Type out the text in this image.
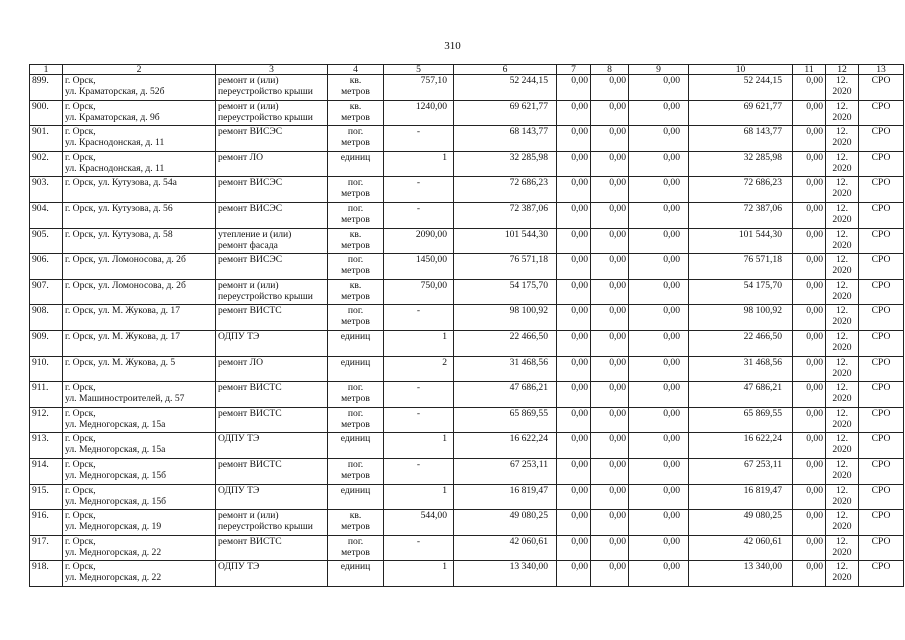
310
1	2	3	4	5	6	7	8	9	10	11	12	13
899.	г. Орск,
ул. Краматорская, д. 52б	ремонт и (или)
переустройство крыши	кв.
метров	757,10	52 244,15	0,00	0,00	0,00	52 244,15	0,00	12.
2020	СРО
900.	г. Орск,
ул. Краматорская, д. 9б	ремонт и (или)
переустройство крыши	кв.
метров	1240,00	69 621,77	0,00	0,00	0,00	69 621,77	0,00	12.
2020	СРО
901.	г. Орск,
ул. Краснодонская, д. 11	ремонт ВИСЭС	пог.
метров	-	68 143,77	0,00	0,00	0,00	68 143,77	0,00	12.
2020	СРО
902.	г. Орск,
ул. Краснодонская, д. 11	ремонт ЛО	единиц	1	32 285,98	0,00	0,00	0,00	32 285,98	0,00	12.
2020	СРО
903.	г. Орск, ул. Кутузова, д. 54а	ремонт ВИСЭС	пог.
метров	-	72 686,23	0,00	0,00	0,00	72 686,23	0,00	12.
2020	СРО
904.	г. Орск, ул. Кутузова, д. 56	ремонт ВИСЭС	пог.
метров	-	72 387,06	0,00	0,00	0,00	72 387,06	0,00	12.
2020	СРО
905.	г. Орск, ул. Кутузова, д. 58	утепление и (или)
ремонт фасада	кв.
метров	2090,00	101 544,30	0,00	0,00	0,00	101 544,30	0,00	12.
2020	СРО
906.	г. Орск, ул. Ломоносова, д. 2б	ремонт ВИСЭС	пог.
метров	1450,00	76 571,18	0,00	0,00	0,00	76 571,18	0,00	12.
2020	СРО
907.	г. Орск, ул. Ломоносова, д. 2б	ремонт и (или)
переустройство крыши	кв.
метров	750,00	54 175,70	0,00	0,00	0,00	54 175,70	0,00	12.
2020	СРО
908.	г. Орск, ул. М. Жукова, д. 17	ремонт ВИСТС	пог.
метров	-	98 100,92	0,00	0,00	0,00	98 100,92	0,00	12.
2020	СРО
909.	г. Орск, ул. М. Жукова, д. 17	ОДПУ ТЭ	единиц	1	22 466,50	0,00	0,00	0,00	22 466,50	0,00	12.
2020	СРО
910.	г. Орск, ул. М. Жукова, д. 5	ремонт ЛО	единиц	2	31 468,56	0,00	0,00	0,00	31 468,56	0,00	12.
2020	СРО
911.	г. Орск,
ул. Машиностроителей, д. 57	ремонт ВИСТС	пог.
метров	-	47 686,21	0,00	0,00	0,00	47 686,21	0,00	12.
2020	СРО
912.	г. Орск,
ул. Медногорская, д. 15а	ремонт ВИСТС	пог.
метров	-	65 869,55	0,00	0,00	0,00	65 869,55	0,00	12.
2020	СРО
913.	г. Орск,
ул. Медногорская, д. 15а	ОДПУ ТЭ	единиц	1	16 622,24	0,00	0,00	0,00	16 622,24	0,00	12.
2020	СРО
914.	г. Орск,
ул. Медногорская, д. 15б	ремонт ВИСТС	пог.
метров	-	67 253,11	0,00	0,00	0,00	67 253,11	0,00	12.
2020	СРО
915.	г. Орск,
ул. Медногорская, д. 15б	ОДПУ ТЭ	единиц	1	16 819,47	0,00	0,00	0,00	16 819,47	0,00	12.
2020	СРО
916.	г. Орск,
ул. Медногорская, д. 19	ремонт и (или)
переустройство крыши	кв.
метров	544,00	49 080,25	0,00	0,00	0,00	49 080,25	0,00	12.
2020	СРО
917.	г. Орск,
ул. Медногорская, д. 22	ремонт ВИСТС	пог.
метров	-	42 060,61	0,00	0,00	0,00	42 060,61	0,00	12.
2020	СРО
918.	г. Орск,
ул. Медногорская, д. 22	ОДПУ ТЭ	единиц	1	13 340,00	0,00	0,00	0,00	13 340,00	0,00	12.
2020	СРО
